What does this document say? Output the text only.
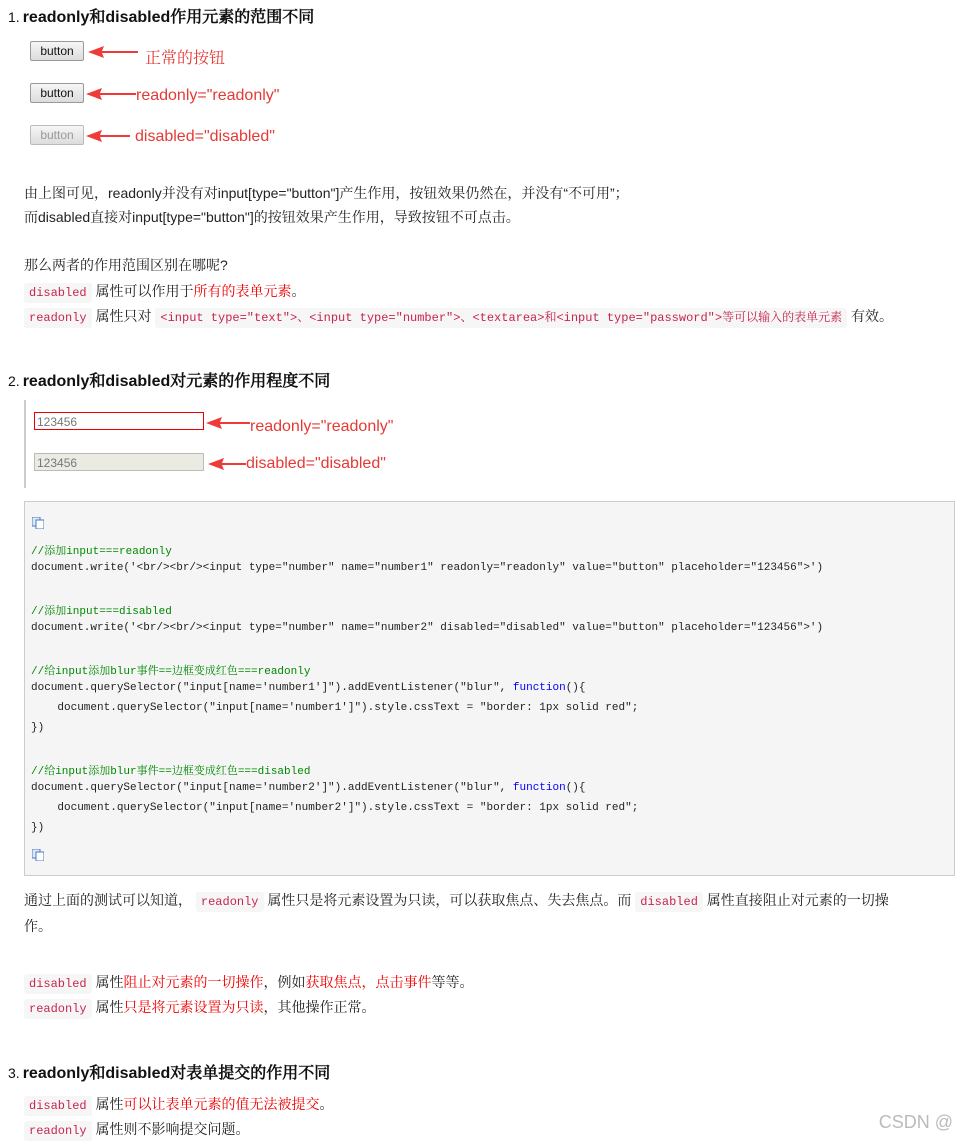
1. readonly和disabled作用元素的范围不同
button
button
button
正常的按钮
readonly="readonly"
disabled="disabled"
由上图可见，readonly并没有对input[type="button"]产生作用，按钮效果仍然在，并没有“不可用”；
而disabled直接对input[type="button"]的按钮效果产生作用，导致按钮不可点击。
那么两者的作用范围区别在哪呢?
disabled 属性可以作用于所有的表单元素。
readonly 属性只对 <input type="text">、<input type="number">、<textarea>和<input type="password">等可以输入的表单元素 有效。
2. readonly和disabled对元素的作用程度不同
123456
123456
readonly="readonly"
disabled="disabled"
//添加input===readonly
document.write('<br/><br/><input type="number" name="number1" readonly="readonly" value="button" placeholder="123456">')
//添加input===disabled
document.write('<br/><br/><input type="number" name="number2" disabled="disabled" value="button" placeholder="123456">')
//给input添加blur事件==边框变成红色===readonly
document.querySelector("input[name='number1']").addEventListener("blur", function(){
document.querySelector("input[name='number1']").style.cssText = "border: 1px solid red";
})
//给input添加blur事件==边框变成红色===disabled
document.querySelector("input[name='number2']").addEventListener("blur", function(){
document.querySelector("input[name='number2']").style.cssText = "border: 1px solid red";
})
通过上面的测试可以知道， readonly 属性只是将元素设置为只读，可以获取焦点、失去焦点。而 disabled 属性直接阻止对元素的一切操
作。
disabled 属性阻止对元素的一切操作，例如获取焦点，点击事件等等。
readonly 属性只是将元素设置为只读，其他操作正常。
3. readonly和disabled对表单提交的作用不同
disabled 属性可以让表单元素的值无法被提交。
readonly 属性则不影响提交问题。	CSDN @
